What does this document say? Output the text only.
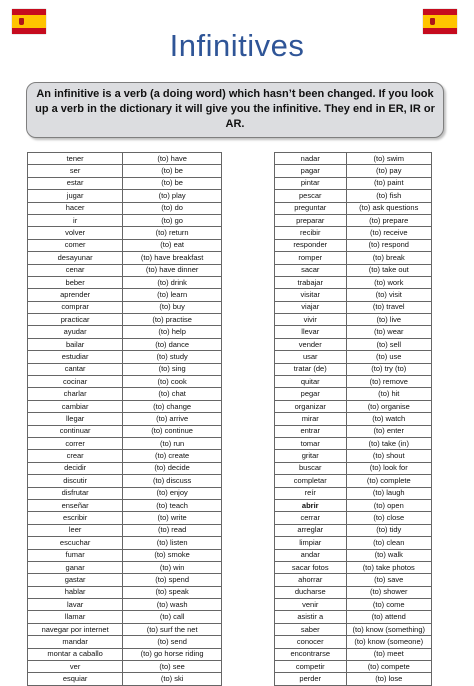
Infinitives
An infinitive is a verb (a doing word) which hasn’t been changed. If you look up a verb in the dictionary it will give you the infinitive. They end in ER, IR or AR.
tener	(to) have
ser	(to) be
estar	(to) be
jugar	(to) play
hacer	(to) do
ir	(to) go
volver	(to) return
comer	(to) eat
desayunar	(to) have breakfast
cenar	(to) have dinner
beber	(to) drink
aprender	(to) learn
comprar	(to) buy
practicar	(to) practise
ayudar	(to) help
bailar	(to) dance
estudiar	(to) study
cantar	(to) sing
cocinar	(to) cook
charlar	(to) chat
cambiar	(to) change
llegar	(to) arrive
continuar	(to) continue
correr	(to) run
crear	(to) create
decidir	(to) decide
discutir	(to) discuss
disfrutar	(to) enjoy
enseñar	(to) teach
escribir	(to) write
leer	(to) read
escuchar	(to) listen
fumar	(to) smoke
ganar	(to) win
gastar	(to) spend
hablar	(to) speak
lavar	(to) wash
llamar	(to) call
navegar por internet	(to) surf the net
mandar	(to) send
montar a caballo	(to) go horse riding
ver	(to) see
esquiar	(to) ski
nadar	(to) swim
pagar	(to) pay
pintar	(to) paint
pescar	(to) fish
preguntar	(to) ask questions
preparar	(to) prepare
recibir	(to) receive
responder	(to) respond
romper	(to) break
sacar	(to) take out
trabajar	(to) work
visitar	(to) visit
viajar	(to) travel
vivir	(to) live
llevar	(to) wear
vender	(to) sell
usar	(to) use
tratar (de)	(to) try (to)
quitar	(to) remove
pegar	(to) hit
organizar	(to) organise
mirar	(to) watch
entrar	(to) enter
tomar	(to) take (in)
gritar	(to) shout
buscar	(to) look for
completar	(to) complete
reír	(to) laugh
abrir	(to) open
cerrar	(to) close
arreglar	(to) tidy
limpiar	(to) clean
andar	(to) walk
sacar fotos	(to) take photos
ahorrar	(to) save
ducharse	(to) shower
venir	(to) come
asistir a	(to) attend
saber	(to) know (something)
conocer	(to) know (someone)
encontrarse	(to) meet
competir	(to) compete
perder	(to) lose
